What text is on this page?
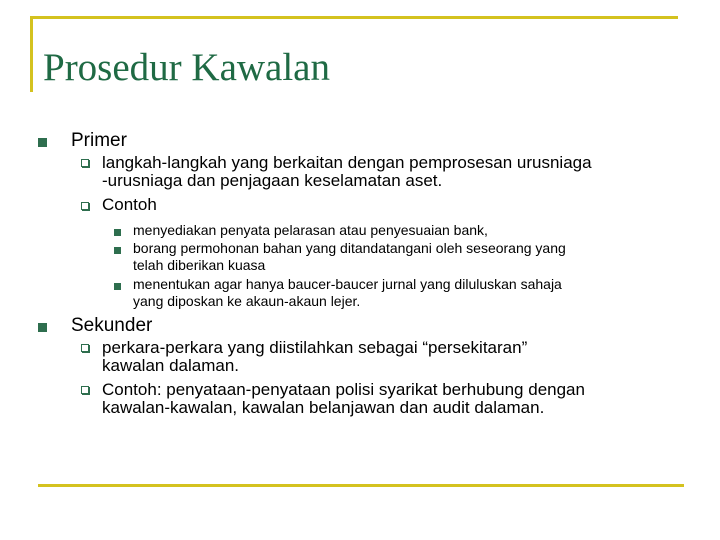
Prosedur Kawalan

Primer

langkah-langkah yang berkaitan dengan pemprosesan urusniaga

-urusniaga dan penjagaan keselamatan aset.

Contoh

menyediakan penyata pelarasan atau penyesuaian bank,

borang permohonan bahan yang ditandatangani oleh seseorang yang

telah diberikan kuasa

menentukan agar hanya baucer-baucer jurnal yang diluluskan sahaja

yang diposkan ke akaun-akaun lejer.

Sekunder

perkara-perkara yang diistilahkan sebagai “persekitaran”

kawalan dalaman.

Contoh: penyataan-penyataan polisi syarikat berhubung dengan

kawalan-kawalan, kawalan belanjawan dan audit dalaman.
